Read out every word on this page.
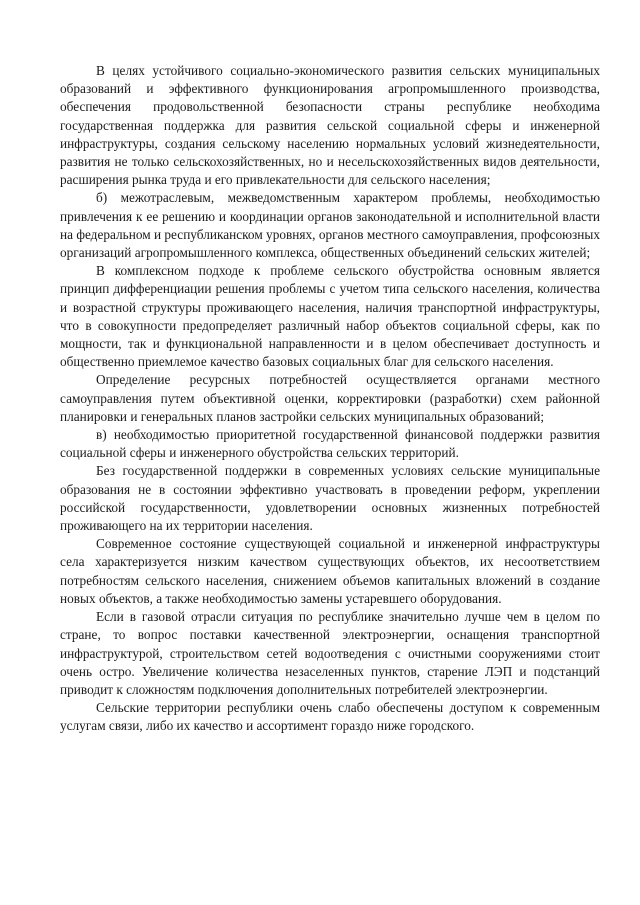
В целях устойчивого социально-экономического развития сельских муниципальных образований и эффективного функционирования агропромышленного производства, обеспечения продовольственной безопасности страны республике необходима государственная поддержка для развития сельской социальной сферы и инженерной инфраструктуры, создания сельскому населению нормальных условий жизнедеятельности, развития не только сельскохозяйственных, но и несельскохозяйственных видов деятельности, расширения рынка труда и его привлекательности для сельского населения;

б) межотраслевым, межведомственным характером проблемы, необходимостью привлечения к ее решению и координации органов законодательной и исполнительной власти на федеральном и республиканском уровнях, органов местного самоуправления, профсоюзных организаций агропромышленного комплекса, общественных объединений сельских жителей;

В комплексном подходе к проблеме сельского обустройства основным является принцип дифференциации решения проблемы с учетом типа сельского населения, количества и возрастной структуры проживающего населения, наличия транспортной инфраструктуры, что в совокупности предопределяет различный набор объектов социальной сферы, как по мощности, так и функциональной направленности и в целом обеспечивает доступность и общественно приемлемое качество базовых социальных благ для сельского населения.

Определение ресурсных потребностей осуществляется органами местного самоуправления путем объективной оценки, корректировки (разработки) схем районной планировки и генеральных планов застройки сельских муниципальных образований;

в) необходимостью приоритетной государственной финансовой поддержки развития социальной сферы и инженерного обустройства сельских территорий.

Без государственной поддержки в современных условиях сельские муниципальные образования не в состоянии эффективно участвовать в проведении реформ, укреплении российской государственности, удовлетворении основных жизненных потребностей проживающего на их территории населения.

Современное состояние существующей социальной и инженерной инфраструктуры села характеризуется низким качеством существующих объектов, их несоответствием потребностям сельского населения, снижением объемов капитальных вложений в создание новых объектов, а также необходимостью замены устаревшего оборудования.

Если в газовой отрасли ситуация по республике значительно лучше чем в целом по стране, то вопрос поставки качественной электроэнергии, оснащения транспортной инфраструктурой, строительством сетей водоотведения с очистными сооружениями стоит очень остро. Увеличение количества незаселенных пунктов, старение ЛЭП и подстанций приводит к сложностям подключения дополнительных потребителей электроэнергии.

Сельские территории республики очень слабо обеспечены доступом к современным услугам связи, либо их качество и ассортимент гораздо ниже городского.
